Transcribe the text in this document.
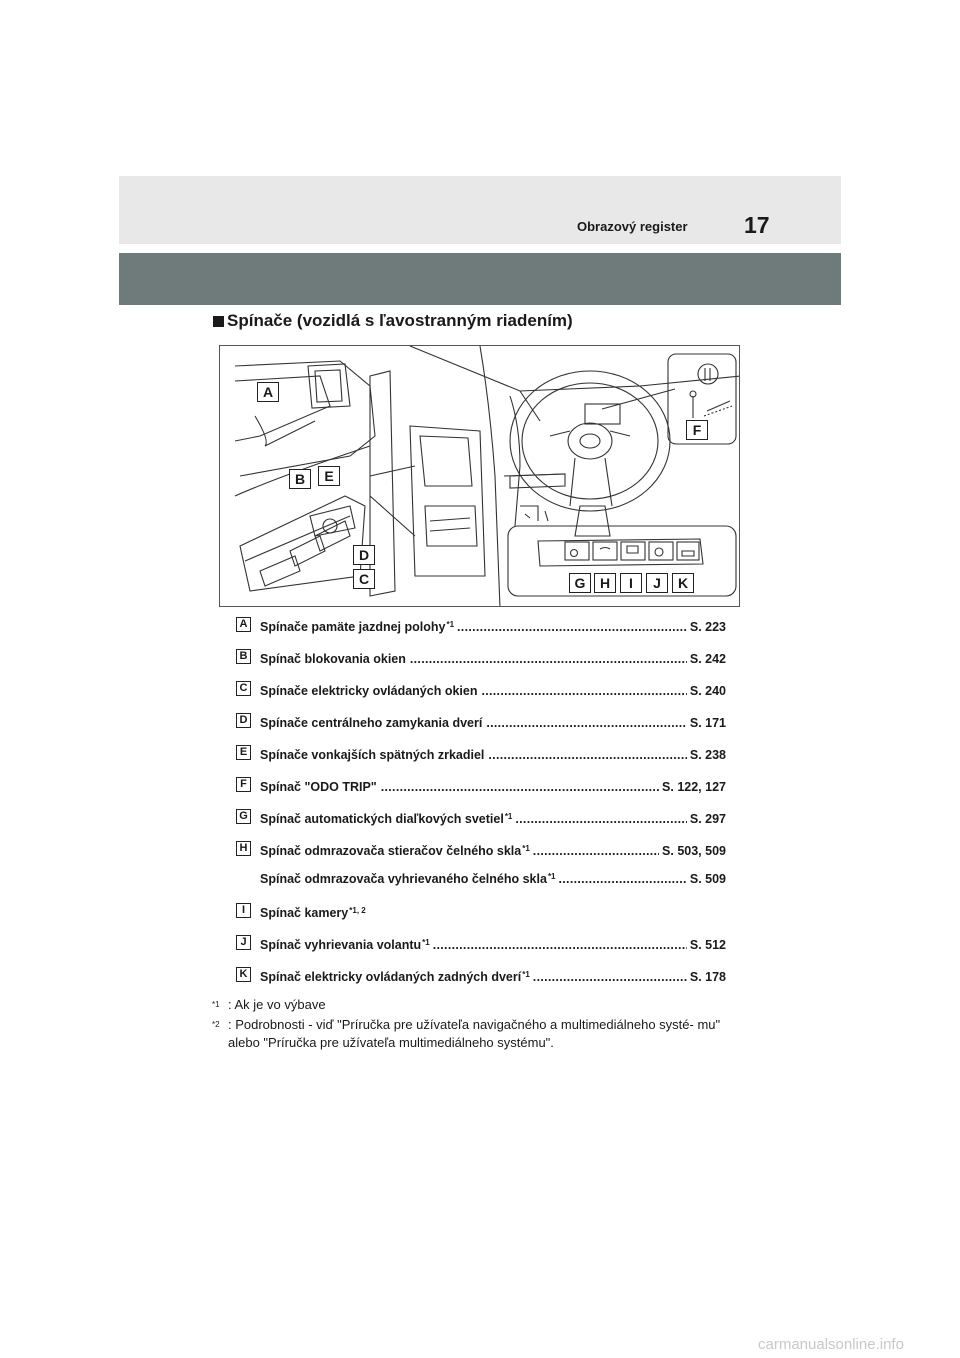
Obrazový register 17
Spínače (vozidlá s ľavostranným riadením)
A
B
C
D
E
F
G	H	I	J	K
A Spínače pamäte jazdnej polohy *1 .....	S. 223
B Spínač blokovania okien .....	S. 242
C Spínače elektricky ovládaných okien .....	S. 240
D Spínače centrálneho zamykania dverí .....	S. 171
E	Spínače vonkajších spätných zrkadiel .....	S. 238
F	Spínač "ODO TRIP" .....	S. 122, 127
G Spínač automatických diaľkových svetiel *1 .....	S. 297
H Spínač odmrazovača stieračov čelného skla *1 .....	S. 503, 509
Spínač odmrazovača vyhrievaného čelného skla *1 .....	S. 509
I	Spínač kamery *1, 2
J	Spínač vyhrievania volantu *1 .....	S. 512
K Spínač elektricky ovládaných zadných dverí *1 .....	S. 178
$^{*1}$ : Ak je vo výbave
$^{*2}$ : Podrobnosti - viď "Príručka pre užívateľa navigačného a multimediálneho systé- mu" alebo "Príručka pre užívateľa multimediálneho systému".
carmanualsonline.info
